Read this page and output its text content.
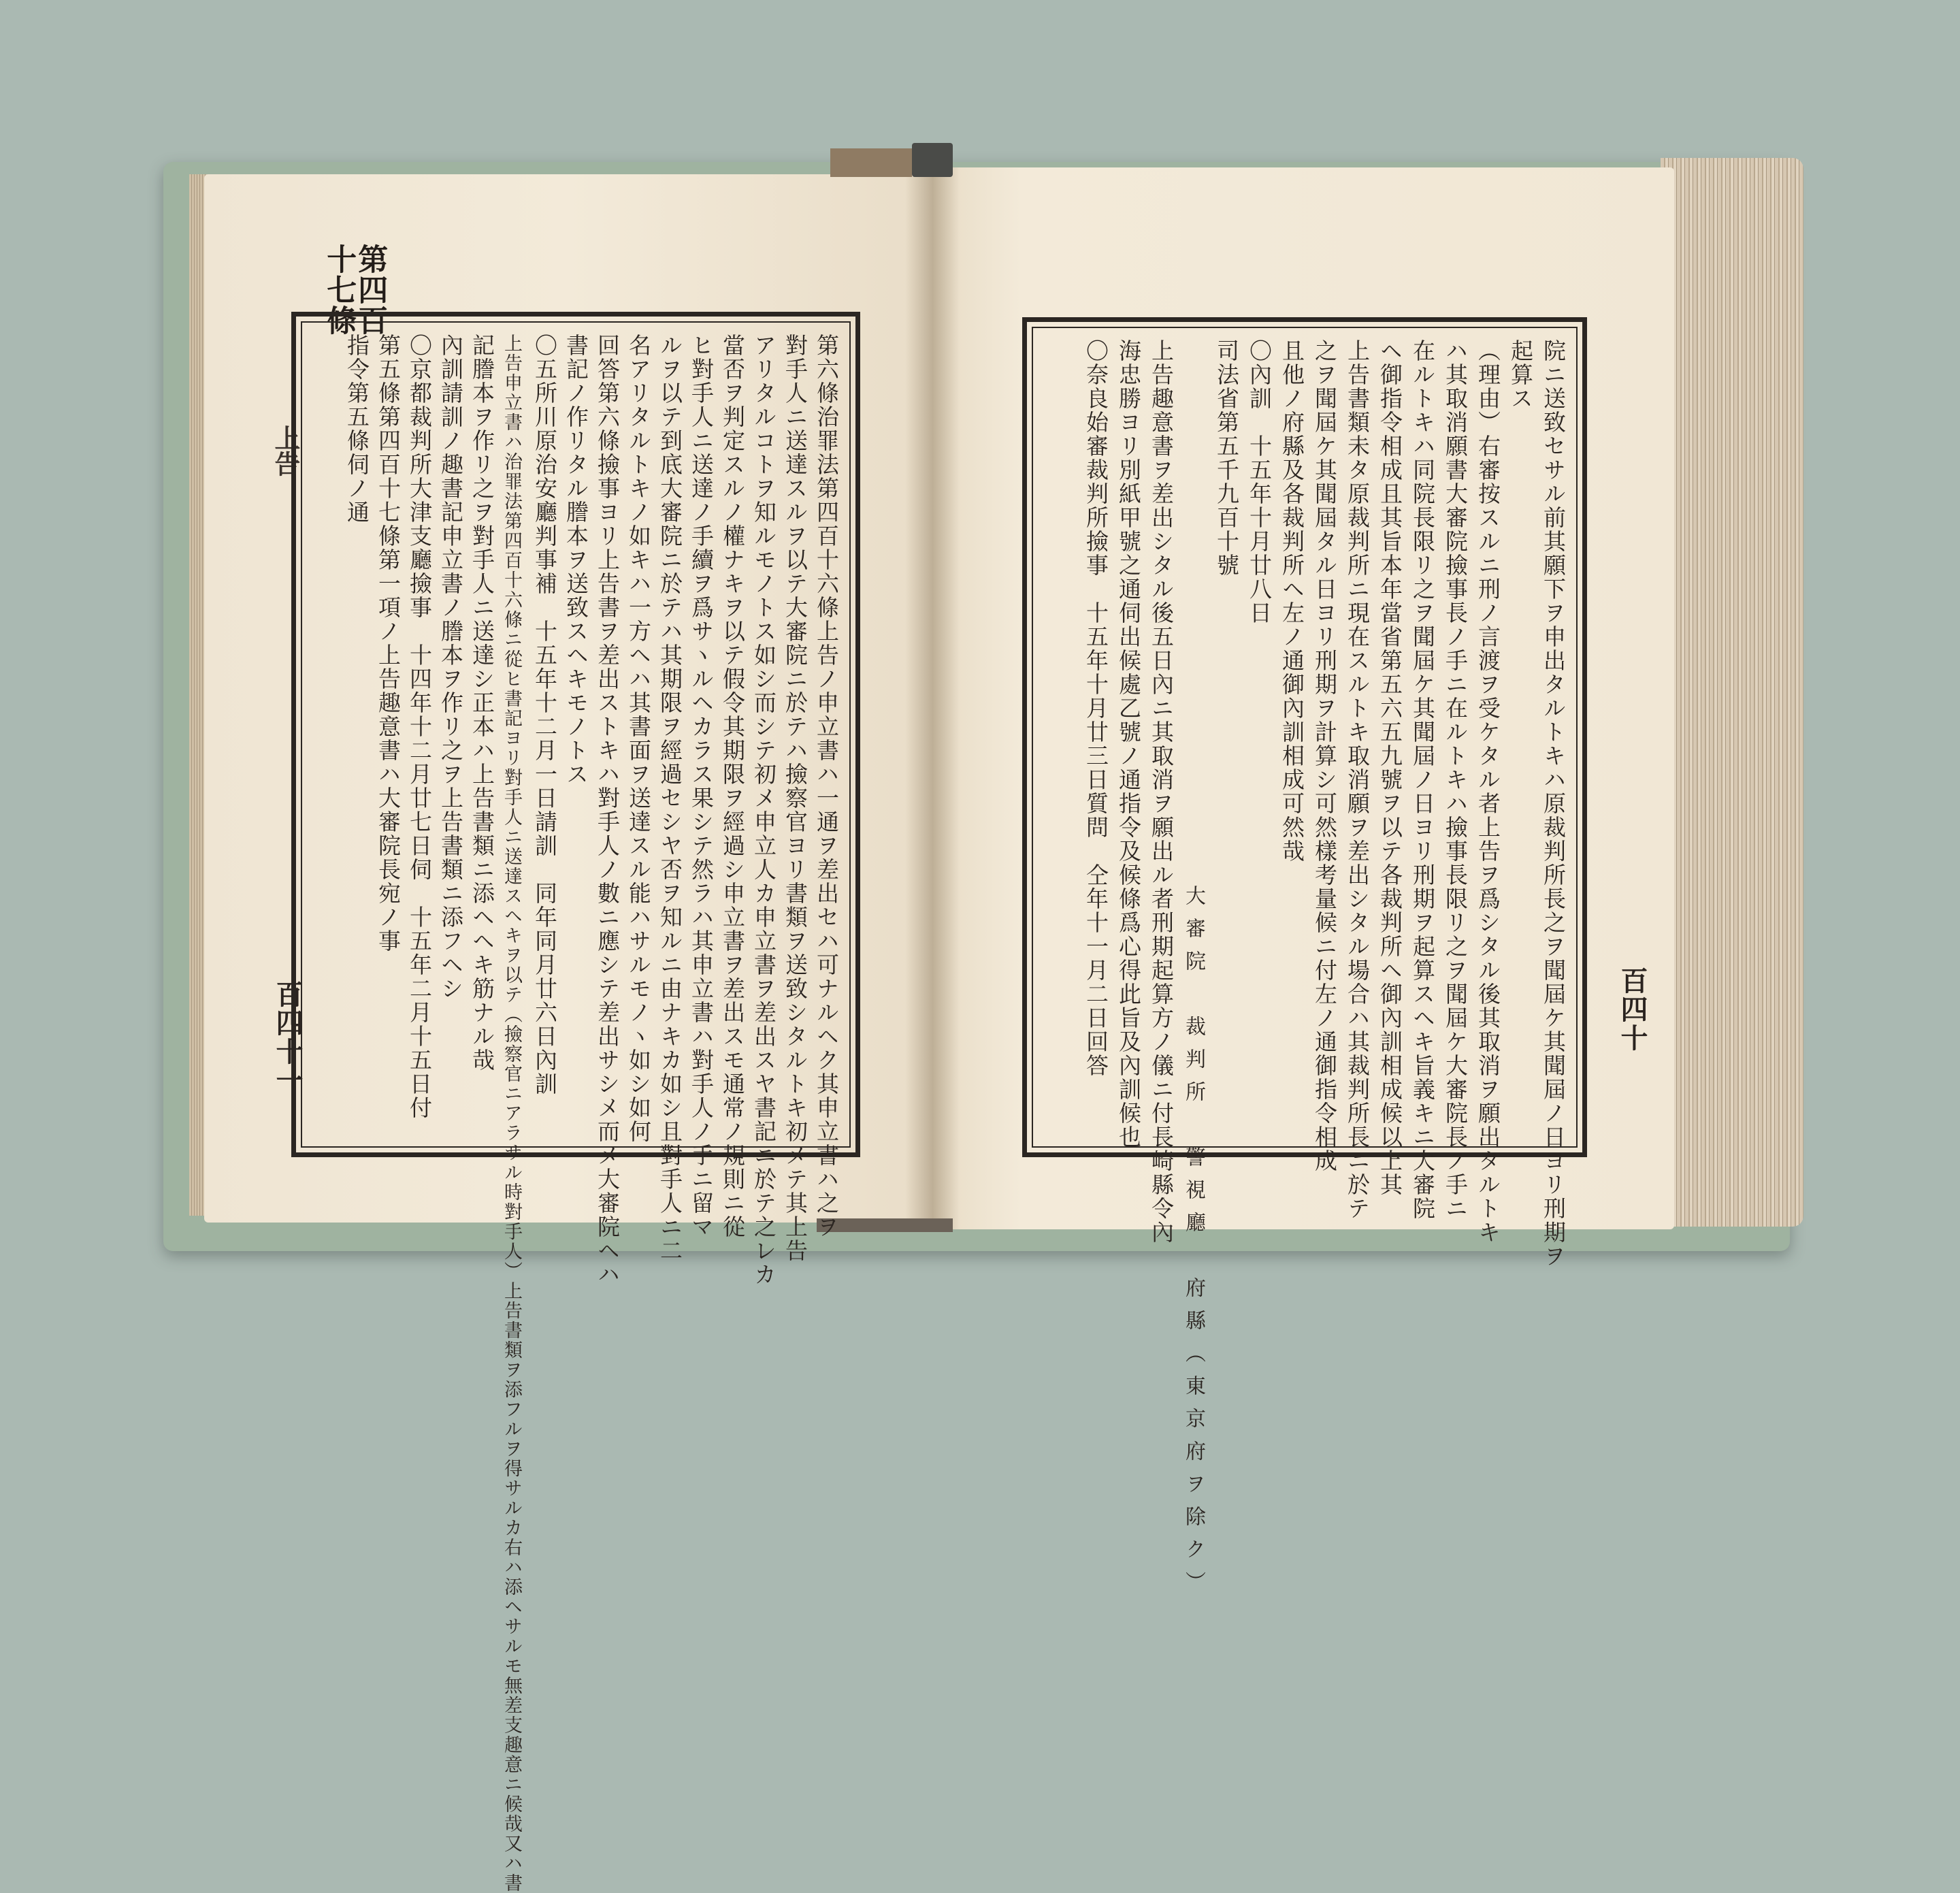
第四百
十七條
上告
百四十一	第六條治罪法第四百十六條上告ノ申立書ハ一通ヲ差出セハ可ナルヘク其申立書ハ之ヲ
對手人ニ送達スルヲ以テ大審院ニ於テハ撿察官ヨリ書類ヲ送致シタルトキ初メテ其上告
アリタルコトヲ知ルモノトス如シ而シテ初メ申立人カ申立書ヲ差出スヤ書記ニ於テ之レカ
當否ヲ判定スルノ權ナキヲ以テ假令其期限ヲ經過シ申立書ヲ差出スモ通常ノ規則ニ從
ヒ對手人ニ送達ノ手續ヲ爲サヽルヘカラス果シテ然ラハ其申立書ハ對手人ノ手ニ留マ
ルヲ以テ到底大審院ニ於テハ其期限ヲ經過セシヤ否ヲ知ルニ由ナキカ如シ且對手人ニ二
名アリタルトキノ如キハ一方ヘハ其書面ヲ送達スル能ハサルモノヽ如シ如何
回答第六條撿事ヨリ上告書ヲ差出ストキハ對手人ノ數ニ應シテ差出サシメ而メ大審院ヘハ
書記ノ作リタル謄本ヲ送致スヘキモノトス
〇五所川原治安廳判事補　十五年十二月一日請訓　同年同月廿六日內訓
上告申立書ハ治罪法第四百十六條ニ從ヒ書記ヨリ對手人ニ送達スヘキヲ以テ（撿察官ニアラサル時對手人）上告書類ヲ添フルヲ得サルカ右ハ添ヘサルモ無差支趣意ニ候哉又ハ書
記謄本ヲ作リ之ヲ對手人ニ送達シ正本ハ上告書類ニ添ヘヘキ筋ナル哉
內訓請訓ノ趣書記申立書ノ謄本ヲ作リ之ヲ上告書類ニ添フヘシ
〇京都裁判所大津支廳撿事　十四年十二月廿七日伺　十五年二月十五日付
第五條第四百十七條第一項ノ上告趣意書ハ大審院長宛ノ事
指令第五條伺ノ通
百四十
院ニ送致セサル前其願下ヲ申出タルトキハ原裁判所長之ヲ聞屆ケ其聞屆ノ日ヨリ刑期ヲ
起算ス
（理由）右審按スルニ刑ノ言渡ヲ受ケタル者上告ヲ爲シタル後其取消ヲ願出タルトキ
ハ其取消願書大審院撿事長ノ手ニ在ルトキハ撿事長限リ之ヲ聞屆ケ大審院長ノ手ニ
在ルトキハ同院長限リ之ヲ聞屆ケ其聞屆ノ日ヨリ刑期ヲ起算スヘキ旨義キニ大審院
ヘ御指令相成且其旨本年當省第五六五九號ヲ以テ各裁判所ヘ御內訓相成候以上其
上告書類未タ原裁判所ニ現在スルトキ取消願ヲ差出シタル場合ハ其裁判所長ニ於テ
之ヲ聞屆ケ其聞屆タル日ヨリ刑期ヲ計算シ可然樣考量候ニ付左ノ通御指令相成
且他ノ府縣及各裁判所ヘ左ノ通御內訓相成可然哉
〇內訓　十五年十月廿八日
司法省第五千九百十號
大審院　裁判所　警視廳　府縣（東京府ヲ除ク）
上告趣意書ヲ差出シタル後五日內ニ其取消ヲ願出ル者刑期起算方ノ儀ニ付長崎縣令內
海忠勝ヨリ別紙甲號之通伺出候處乙號ノ通指令及候條爲心得此旨及內訓候也
〇奈良始審裁判所撿事　十五年十月廿三日質問　仝年十一月二日回答
